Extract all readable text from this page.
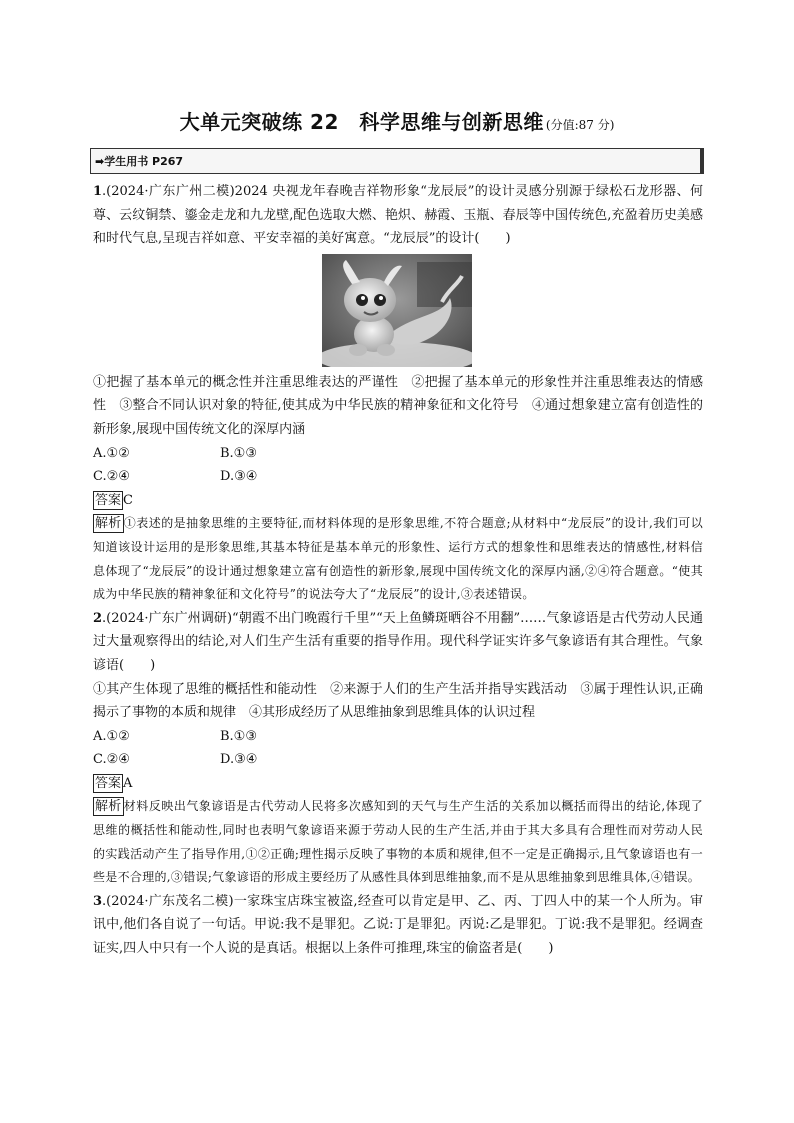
大单元突破练 22　科学思维与创新思维 (分值:87 分)
➡学生用书 P267

1.(2024·广东广州二模)2024 央视龙年春晚吉祥物形象“龙辰辰”的设计灵感分别源于绿松石龙形器、何尊、云纹铜禁、鎏金走龙和九龙壁,配色选取大燃、艳炽、赫霞、玉瓶、春辰等中国传统色,充盈着历史美感和时代气息,呈现吉祥如意、平安幸福的美好寓意。“龙辰辰”的设计(　　)

①把握了基本单元的概念性并注重思维表达的严谨性　②把握了基本单元的形象性并注重思维表达的情感性　③整合不同认识对象的特征,使其成为中华民族的精神象征和文化符号　④通过想象建立富有创造性的新形象,展现中国传统文化的深厚内涵

A.①②	B.①③
C.②④	D.③④

答案 C

解析 ①表述的是抽象思维的主要特征,而材料体现的是形象思维,不符合题意;从材料中“龙辰辰”的设计,我们可以知道该设计运用的是形象思维,其基本特征是基本单元的形象性、运行方式的想象性和思维表达的情感性,材料信息体现了“龙辰辰”的设计通过想象建立富有创造性的新形象,展现中国传统文化的深厚内涵,②④符合题意。“使其成为中华民族的精神象征和文化符号”的说法夸大了“龙辰辰”的设计,③表述错误。

2.(2024·广东广州调研)“朝霞不出门晚霞行千里”“天上鱼鳞斑晒谷不用翻”……气象谚语是古代劳动人民通过大量观察得出的结论,对人们生产生活有重要的指导作用。现代科学证实许多气象谚语有其合理性。气象谚语(　　)

①其产生体现了思维的概括性和能动性　②来源于人们的生产生活并指导实践活动　③属于理性认识,正确揭示了事物的本质和规律　④其形成经历了从思维抽象到思维具体的认识过程

A.①②	B.①③
C.②④	D.③④

答案 A

解析 材料反映出气象谚语是古代劳动人民将多次感知到的天气与生产生活的关系加以概括而得出的结论,体现了思维的概括性和能动性,同时也表明气象谚语来源于劳动人民的生产生活,并由于其大多具有合理性而对劳动人民的实践活动产生了指导作用,①②正确;理性揭示反映了事物的本质和规律,但不一定是正确揭示,且气象谚语也有一些是不合理的,③错误;气象谚语的形成主要经历了从感性具体到思维抽象,而不是从思维抽象到思维具体,④错误。

3.(2024·广东茂名二模)一家珠宝店珠宝被盗,经查可以肯定是甲、乙、丙、丁四人中的某一个人所为。审讯中,他们各自说了一句话。甲说:我不是罪犯。乙说:丁是罪犯。丙说:乙是罪犯。丁说:我不是罪犯。经调查证实,四人中只有一个人说的是真话。根据以上条件可推理,珠宝的偷盗者是(　　)
